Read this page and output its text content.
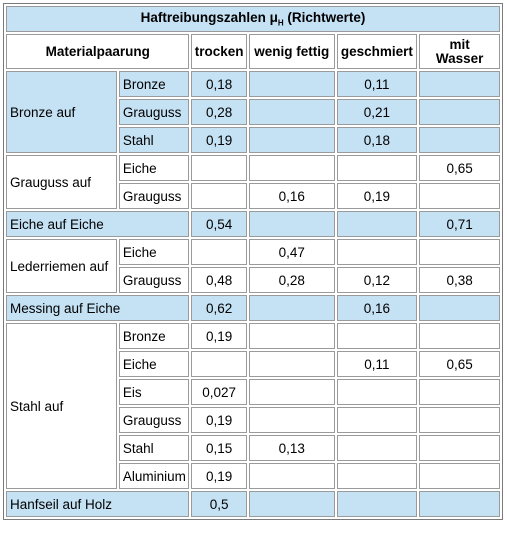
Haftreibungszahlen $\mu_H$ (Richtwerte)					
Materialpaarung		trocken	wenig fettig	geschmiert	mit
Wasser
Bronze auf	Bronze	0,18		0,11	
	Grauguss	0,28		0,21	
	Stahl	0,19		0,18	
Grauguss auf	Eiche				0,65
	Grauguss		0,16	0,19	
Eiche auf Eiche		0,54			0,71
Lederriemen auf	Eiche		0,47		
	Grauguss	0,48	0,28	0,12	0,38
Messing auf Eiche		0,62		0,16	
Stahl auf	Bronze	0,19			
	Eiche			0,11	0,65
	Eis	0,027			
	Grauguss	0,19			
	Stahl	0,15	0,13		
	Aluminium	0,19			
Hanfseil auf Holz		0,5			
